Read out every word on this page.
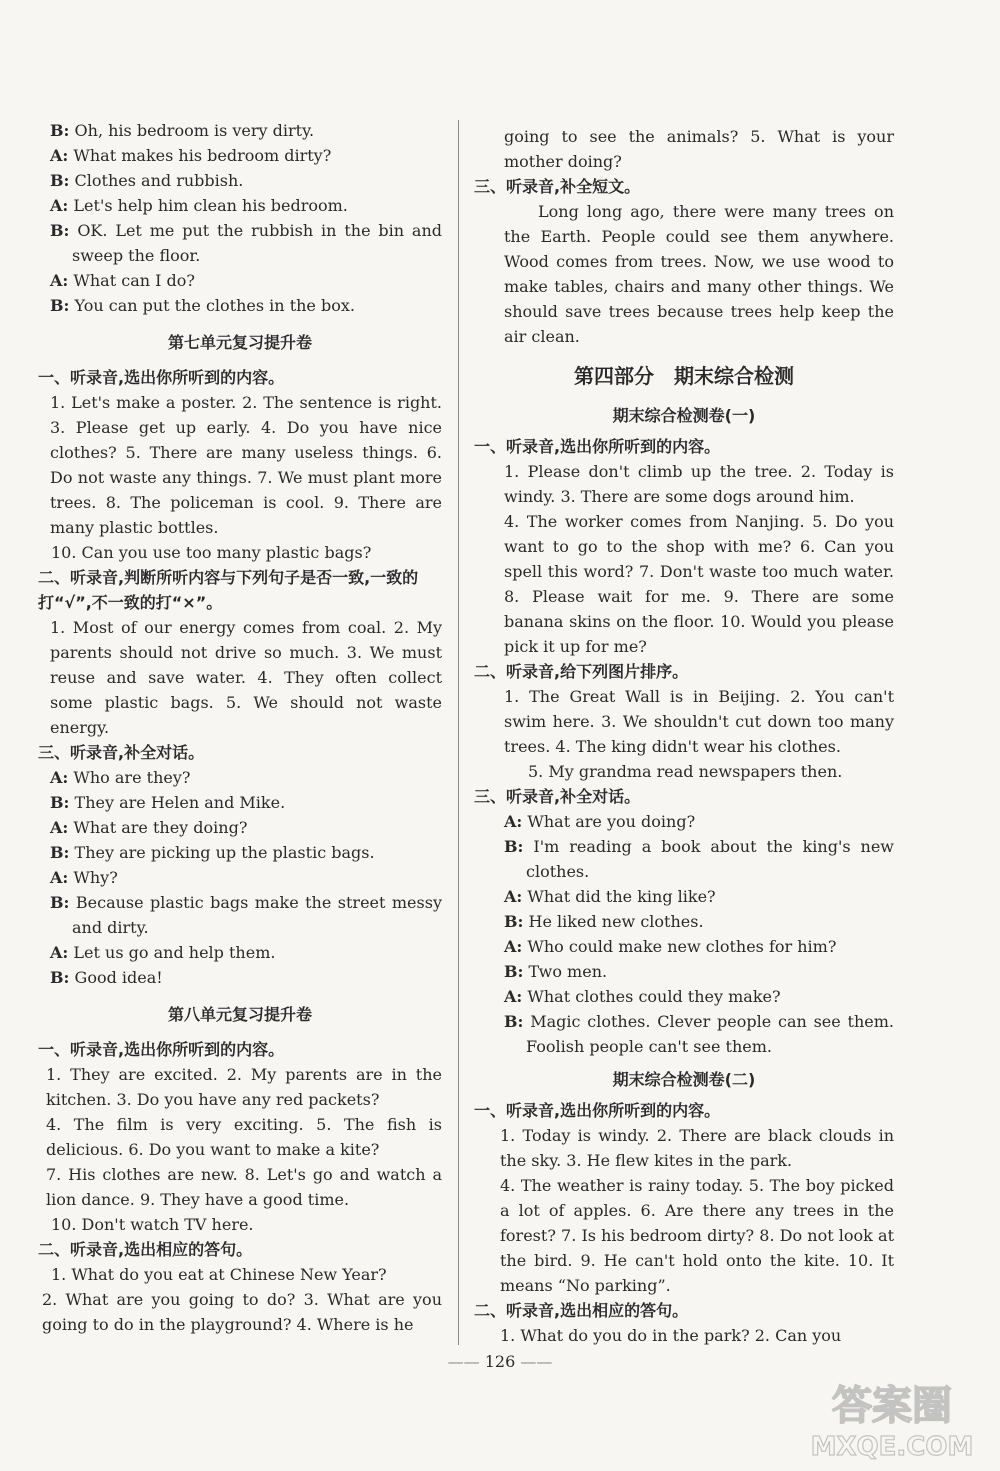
B: Oh, his bedroom is very dirty.

A: What makes his bedroom dirty?

B: Clothes and rubbish.

A: Let's help him clean his bedroom.

B: OK. Let me put the rubbish in the bin and sweep the floor.

A: What can I do?

B: You can put the clothes in the box.

第七单元复习提升卷

一、听录音,选出你所听到的内容。

1. Let's make a poster. 2. The sentence is right. 3. Please get up early. 4. Do you have nice clothes? 5. There are many useless things. 6. Do not waste any things. 7. We must plant more trees. 8. The policeman is cool. 9. There are many plastic bottles.

10. Can you use too many plastic bags?

二、听录音,判断所听内容与下列句子是否一致,一致的打“√”,不一致的打“×”。

1. Most of our energy comes from coal. 2. My parents should not drive so much. 3. We must reuse and save water. 4. They often collect some plastic bags. 5. We should not waste energy.

三、听录音,补全对话。

A: Who are they?

B: They are Helen and Mike.

A: What are they doing?

B: They are picking up the plastic bags.

A: Why?

B: Because plastic bags make the street messy and dirty.

A: Let us go and help them.

B: Good idea!

第八单元复习提升卷

一、听录音,选出你所听到的内容。

1. They are excited. 2. My parents are in the kitchen. 3. Do you have any red packets?

4. The film is very exciting. 5. The fish is delicious. 6. Do you want to make a kite?

7. His clothes are new. 8. Let's go and watch a lion dance. 9. They have a good time.

10. Don't watch TV here.

二、听录音,选出相应的答句。

1. What do you eat at Chinese New Year?

2. What are you going to do? 3. What are you going to do in the playground? 4. Where is he

going to see the animals? 5. What is your mother doing?

三、听录音,补全短文。

Long long ago, there were many trees on the Earth. People could see them anywhere. Wood comes from trees. Now, we use wood to make tables, chairs and many other things. We should save trees because trees help keep the air clean.

第四部分　期末综合检测
期末综合检测卷(一)

一、听录音,选出你所听到的内容。

1. Please don't climb up the tree. 2. Today is windy. 3. There are some dogs around him.

4. The worker comes from Nanjing. 5. Do you want to go to the shop with me? 6. Can you spell this word? 7. Don't waste too much water. 8. Please wait for me. 9. There are some banana skins on the floor. 10. Would you please pick it up for me?

二、听录音,给下列图片排序。

1. The Great Wall is in Beijing. 2. You can't swim here. 3. We shouldn't cut down too many trees. 4. The king didn't wear his clothes.

5. My grandma read newspapers then.

三、听录音,补全对话。

A: What are you doing?

B: I'm reading a book about the king's new clothes.

A: What did the king like?

B: He liked new clothes.

A: Who could make new clothes for him?

B: Two men.

A: What clothes could they make?

B: Magic clothes. Clever people can see them. Foolish people can't see them.

期末综合检测卷(二)

一、听录音,选出你所听到的内容。

1. Today is windy. 2. There are black clouds in the sky. 3. He flew kites in the park.

4. The weather is rainy today. 5. The boy picked a lot of apples. 6. Are there any trees in the forest? 7. Is his bedroom dirty? 8. Do not look at the bird. 9. He can't hold onto the kite. 10. It means “No parking”.

二、听录音,选出相应的答句。

1. What do you do in the park? 2. Can you

—— 126 ——
答案圈
MXQE.COM
